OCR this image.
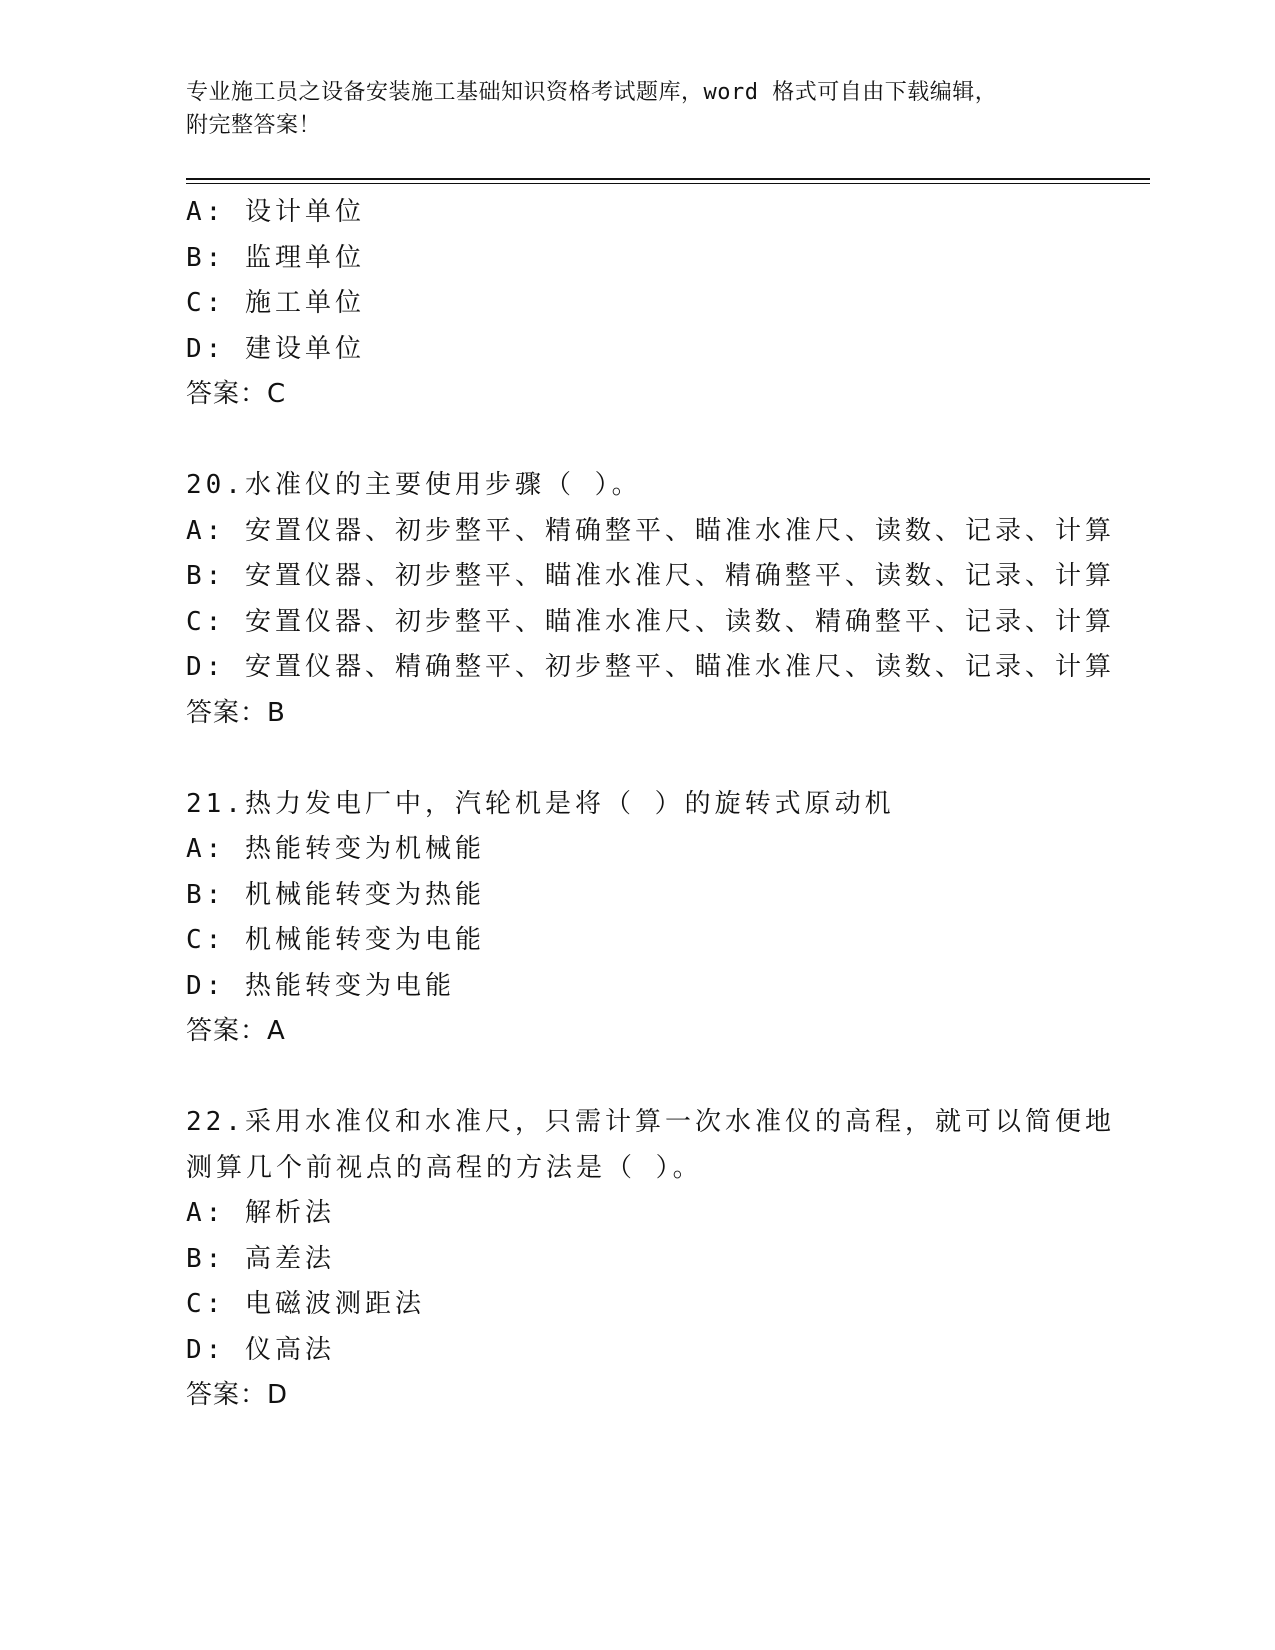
专业施工员之设备安装施工基础知识资格考试题库，word 格式可自由下载编辑，
附完整答案！

A: 设计单位
B: 监理单位
C: 施工单位
D: 建设单位
答案：C
20.水准仪的主要使用步骤（ ）。
A: 安置仪器、初步整平、精确整平、瞄准水准尺、读数、记录、计算
B: 安置仪器、初步整平、瞄准水准尺、精确整平、读数、记录、计算
C: 安置仪器、初步整平、瞄准水准尺、读数、精确整平、记录、计算
D: 安置仪器、精确整平、初步整平、瞄准水准尺、读数、记录、计算
答案：B
21.热力发电厂中，汽轮机是将（ ）的旋转式原动机
A: 热能转变为机械能
B: 机械能转变为热能
C: 机械能转变为电能
D: 热能转变为电能
答案：A
22.采用水准仪和水准尺，只需计算一次水准仪的高程，就可以简便地
测算几个前视点的高程的方法是（ ）。
A: 解析法
B: 高差法
C: 电磁波测距法
D: 仪高法
答案：D
